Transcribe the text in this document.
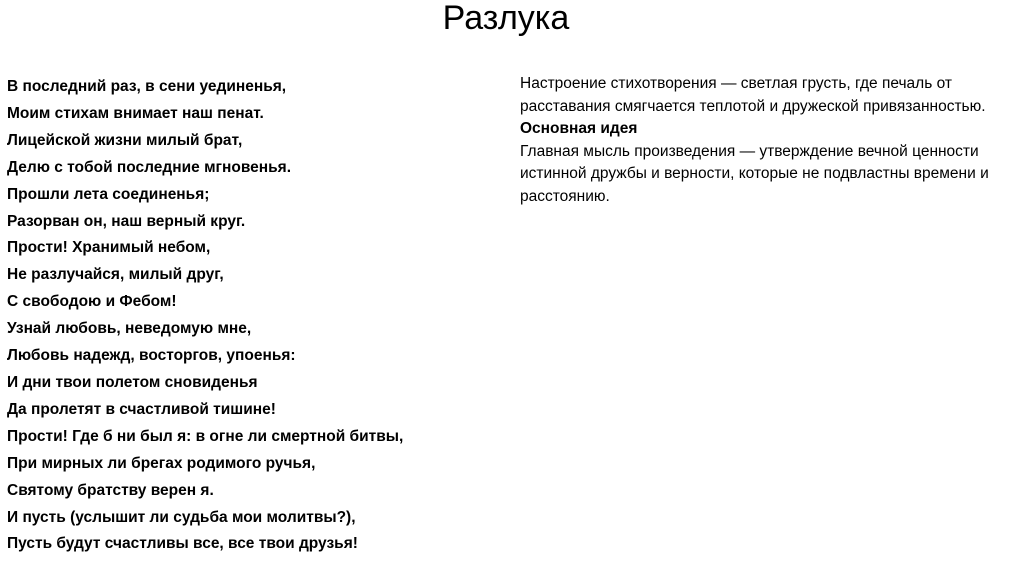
Разлука
В последний раз, в сени уединенья,
Моим стихам внимает наш пенат.
Лицейской жизни милый брат,
Делю с тобой последние мгновенья.
Прошли лета соединенья;
Разорван он, наш верный круг.
Прости! Хранимый небом,
Не разлучайся, милый друг,
С свободою и Фебом!
Узнай любовь, неведомую мне,
Любовь надежд, восторгов, упоенья:
И дни твои полетом сновиденья
Да пролетят в счастливой тишине!
Прости! Где б ни был я: в огне ли смертной битвы,
При мирных ли брегах родимого ручья,
Святому братству верен я.
И пусть (услышит ли судьба мои молитвы?),
Пусть будут счастливы все, все твои друзья!

Настроение стихотворения — светлая грусть, где печаль от расставания смягчается теплотой и дружеской привязанностью.

Основная идея

Главная мысль произведения — утверждение вечной ценности истинной дружбы и верности, которые не подвластны времени и расстоянию.
